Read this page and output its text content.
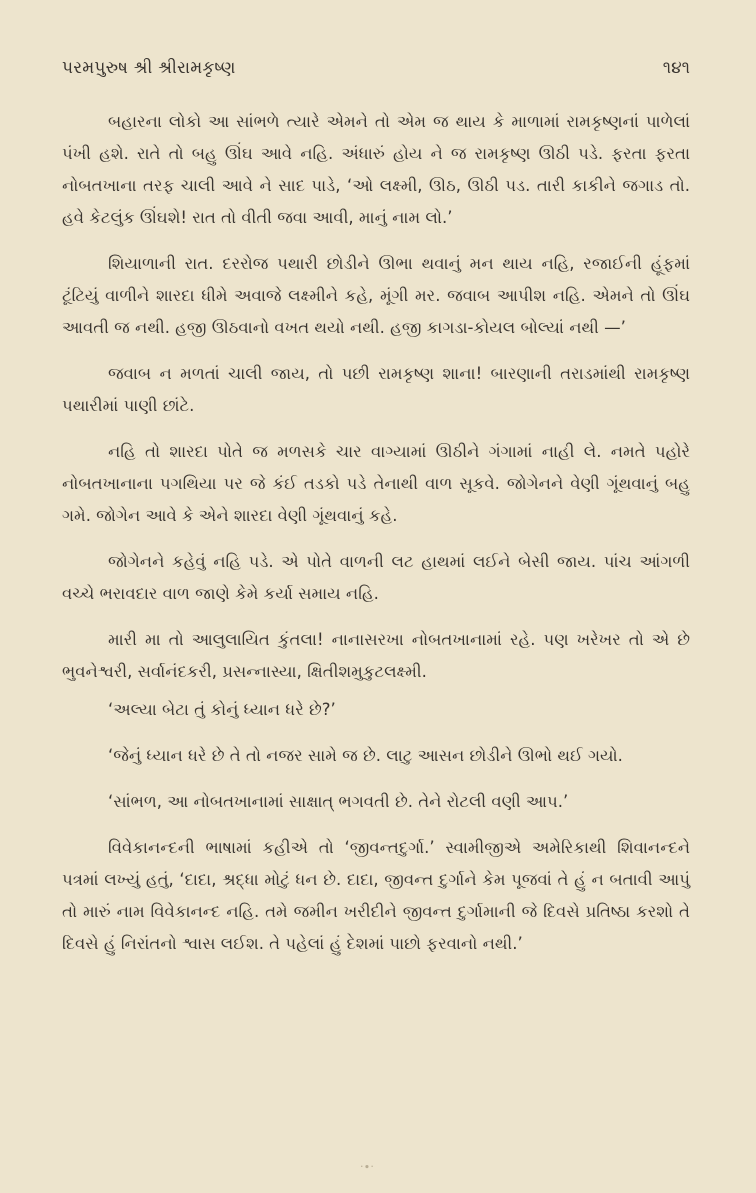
પરમપુરુષ શ્રી શ્રીરામકૃષ્ણ	૧૪૧

બહારના લોકો આ સાંભળે ત્યારે એમને તો એમ જ થાય કે માળામાં રામકૃષ્ણનાં પાળેલાં પંખી હશે. રાતે તો બહુ ઊંઘ આવે નહિ. અંધારું હોય ને જ રામકૃષ્ણ ઊઠી પડે. ફરતા ફરતા નોબતખાના તરફ ચાલી આવે ને સાદ પાડે, ‘ઓ લક્ષ્મી, ઊઠ, ઊઠી પડ. તારી કાકીને જગાડ તો. હવે કેટલુંક ઊંઘશે! રાત તો વીતી જવા આવી, માનું નામ લો.’

શિયાળાની રાત. દરરોજ પથારી છોડીને ઊભા થવાનું મન થાય નહિ, રજાઈની હૂંફમાં ટૂંટિયું વાળીને શારદા ધીમે અવાજે લક્ષ્મીને કહે, મૂંગી મર. જવાબ આપીશ નહિ. એમને તો ઊંઘ આવતી જ નથી. હજી ઊઠવાનો વખત થયો નથી. હજી કાગડા-કોયલ બોલ્યાં નથી —’

જવાબ ન મળતાં ચાલી જાય, તો પછી રામકૃષ્ણ શાના! બારણાની તરાડમાંથી રામકૃષ્ણ પથારીમાં પાણી છાંટે.

નહિ તો શારદા પોતે જ મળસકે ચાર વાગ્યામાં ઊઠીને ગંગામાં નાહી લે. નમતે પહોરે નોબતખાનાના પગથિયા પર જે કંઈ તડકો પડે તેનાથી વાળ સૂકવે. જોગેનને વેણી ગૂંથવાનું બહુ ગમે. જોગેન આવે કે એને શારદા વેણી ગૂંથવાનું કહે.

જોગેનને કહેવું નહિ પડે. એ પોતે વાળની લટ હાથમાં લઈને બેસી જાય. પાંચ આંગળી વચ્ચે ભરાવદાર વાળ જાણે કેમે કર્યા સમાય નહિ.

મારી મા તો આલુલાયિત કુંતલા! નાનાસરખા નોબતખાનામાં રહે. પણ ખરેખર તો એ છે ભુવનેશ્વરી, સર્વાનંદકરી, પ્રસન્નાસ્યા, ક્ષિતીશમુકુટલક્ષ્મી.

‘અલ્યા બેટા તું કોનું ધ્યાન ધરે છે?’

‘જેનું ધ્યાન ધરે છે તે તો નજર સામે જ છે. લાટુ આસન છોડીને ઊભો થઈ ગયો.

‘સાંભળ, આ નોબતખાનામાં સાક્ષાત્ ભગવતી છે. તેને રોટલી વણી આપ.’

વિવેકાનન્દની ભાષામાં કહીએ તો ‘જીવન્તદુર્ગા.’ સ્વામીજીએ અમેરિકાથી શિવાનન્દને પત્રમાં લખ્યું હતું, ‘દાદા, શ્રદ્ધા મોટું ધન છે. દાદા, જીવન્ત દુર્ગાને કેમ પૂજવાં તે હું ન બતાવી આપું તો મારું નામ વિવેકાનન્દ નહિ. તમે જમીન ખરીદીને જીવન્ત દુર્ગામાની જે દિવસે પ્રતિષ્ઠા કરશો તે દિવસે હું નિરાંતનો શ્વાસ લઈશ. તે પહેલાં હું દેશમાં પાછો ફરવાનો નથી.’

·∙·
